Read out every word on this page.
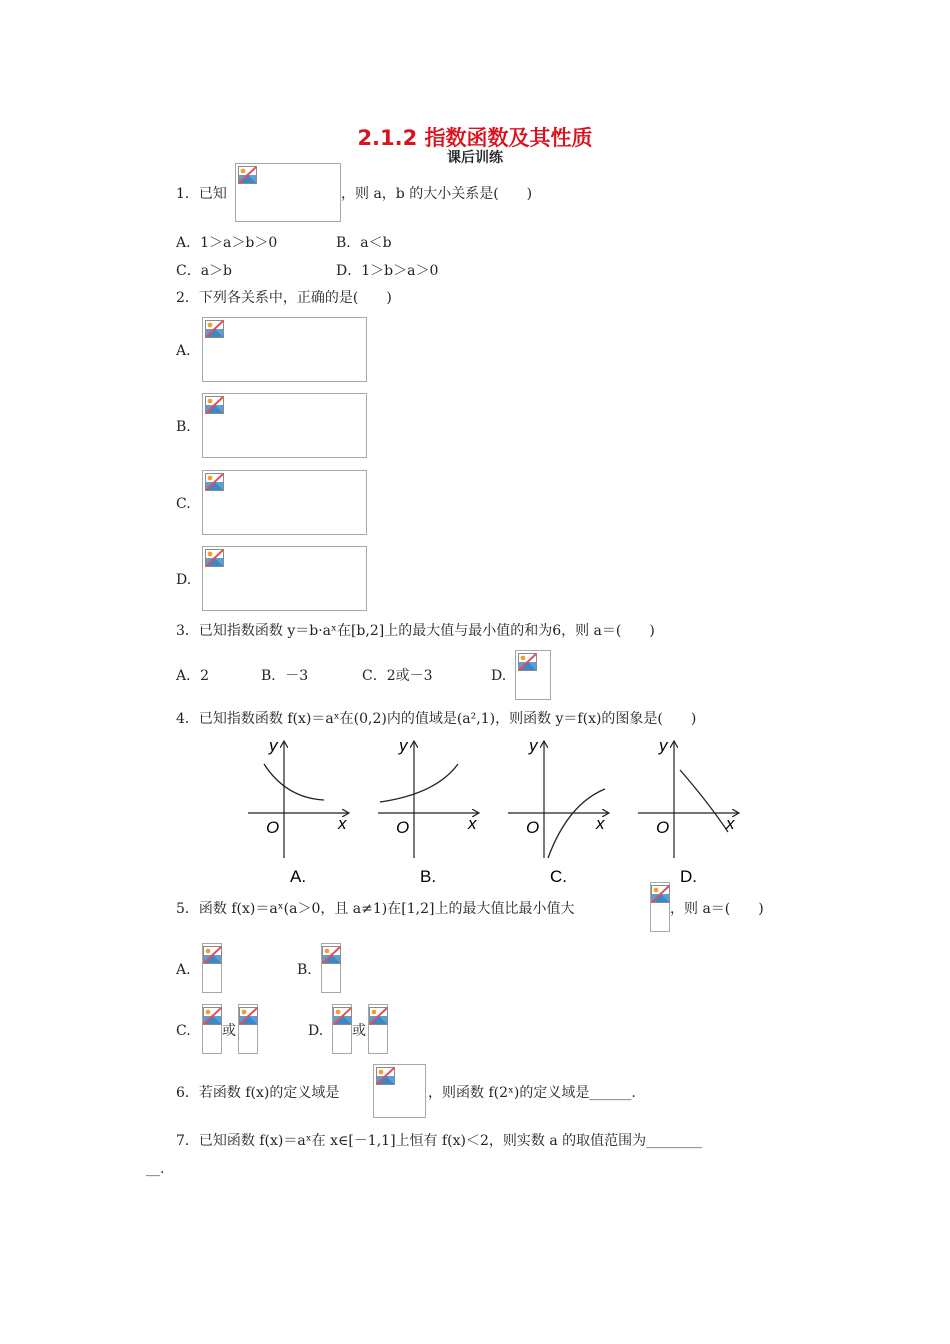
2.1.2 指数函数及其性质
课后训练
1．已知	，则 a，b 的大小关系是(　　)
A．1＞a＞b＞0	B．a＜b
C．a＞b	D．1＞b＞a＞0
2．下列各关系中，正确的是(　　)
A.
B.
C.
D.
3．已知指数函数 y＝b·aˣ在[b,2]上的最大值与最小值的和为6，则 a＝(　　)
A．2	B．－3	C．2或－3	D.
4．已知指数函数 f(x)＝aˣ在(0,2)内的值域是(a²,1)，则函数 y＝f(x)的图象是(　　)
y
x
O
A.
y
x
O
B.
y
x
O
C.
y
x
O
D.
5．函数 f(x)＝aˣ(a＞0，且 a≠1)在[1,2]上的最大值比最小值大	，则 a＝(　　)
A.	B.
C. 或	D. 或
6．若函数 f(x)的定义域是	，则函数 f(2ˣ)的定义域是______.
7．已知函数 f(x)＝aˣ在 x∈[－1,1]上恒有 f(x)＜2，则实数 a 的取值范围为________
__.
